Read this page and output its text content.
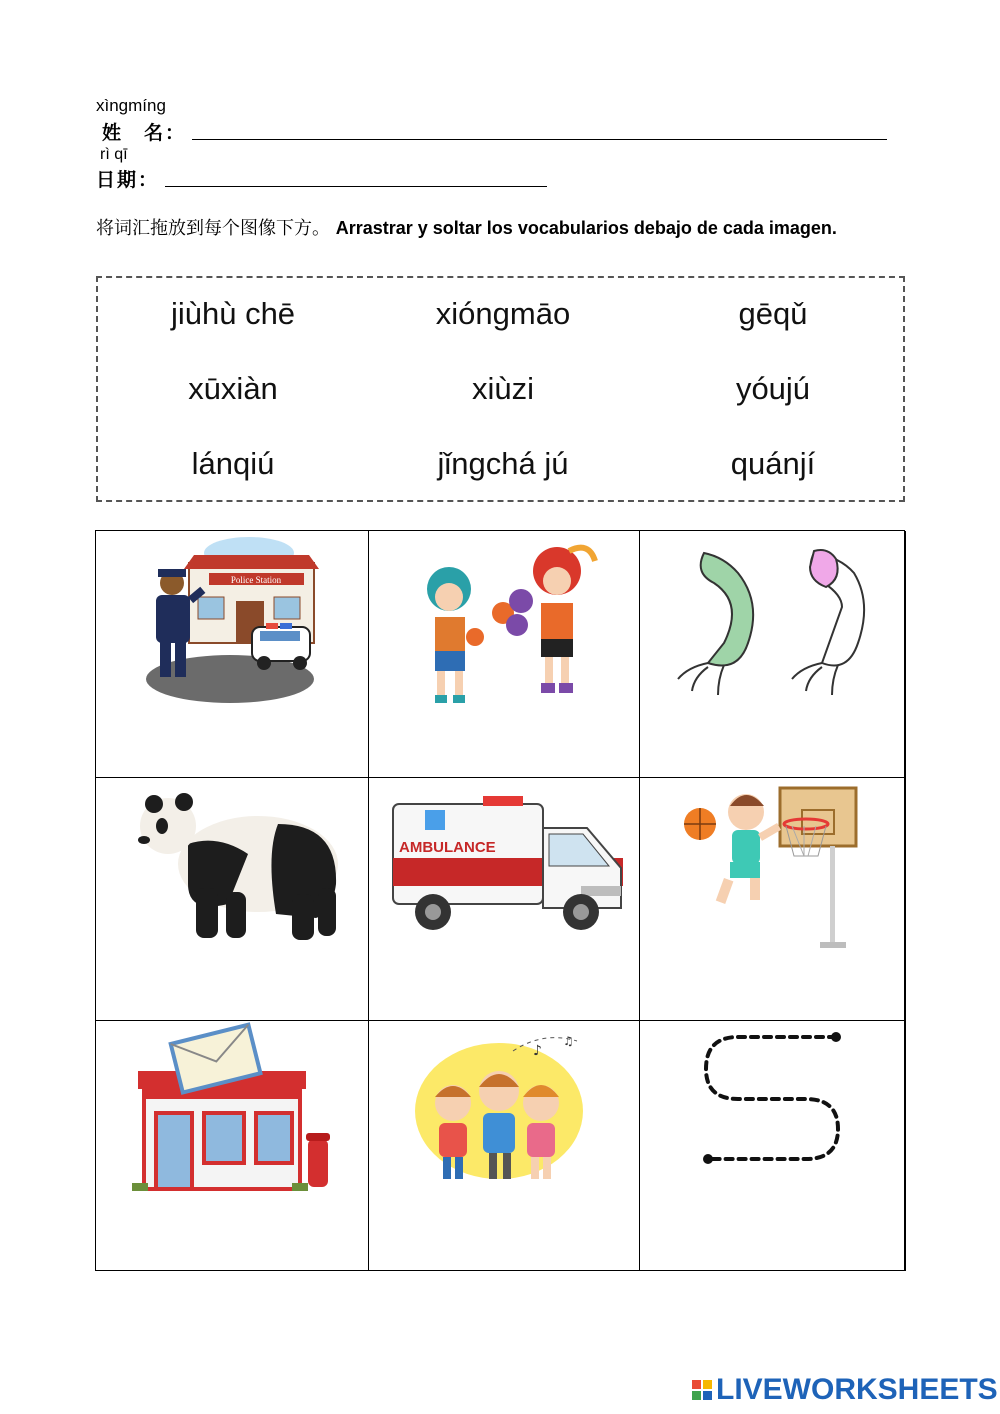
xìngmíng
姓　名：
rì qī
日期：
将词汇拖放到每个图像下方。 Arrastrar y soltar los vocabularios debajo de cada imagen.
jiùhù chē	xióngmāo	gēqǔ
xūxiàn	xiùzi	yóujú
lánqiú	jǐngchá jú	quánjí
Police Station
AMBULANCE
♪
♫
LIVEWORKSHEETS
